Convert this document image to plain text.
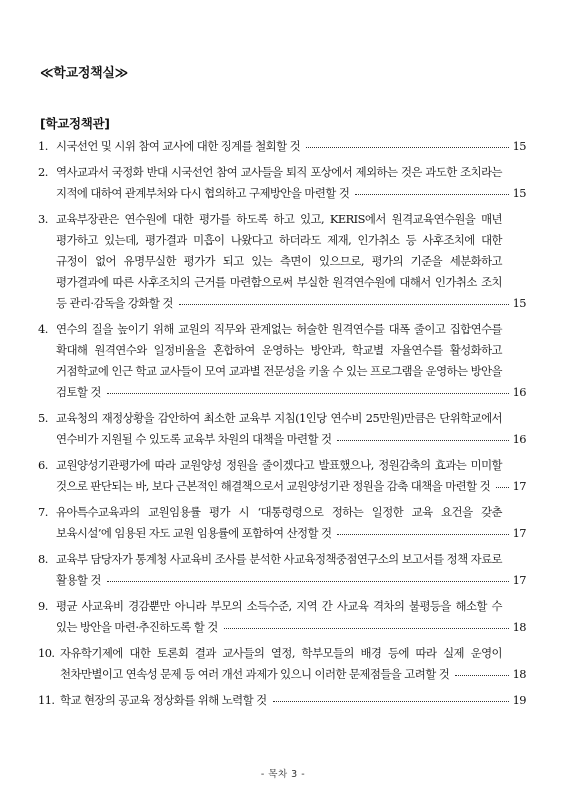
≪학교정책실≫
[학교정책관]
1. 시국선언 및 시위 참여 교사에 대한 징계를 철회할 것	15
2. 역사교과서 국정화 반대 시국선언 참여 교사들을 퇴직 포상에서 제외하는 것은 과도한 조치라는 지적에 대하여 관계부처와 다시 협의하고 구제방안을 마련할 것	15
3. 교육부장관은 연수원에 대한 평가를 하도록 하고 있고, KERIS에서 원격교육연수원을 매년 평가하고 있는데, 평가결과 미흡이 나왔다고 하더라도 제재, 인가취소 등 사후조치에 대한 규정이 없어 유명무실한 평가가 되고 있는 측면이 있으므로, 평가의 기준을 세분화하고 평가결과에 따른 사후조치의 근거를 마련함으로써 부실한 원격연수원에 대해서 인가취소 조치 등 관리·감독을 강화할 것	15
4. 연수의 질을 높이기 위해 교원의 직무와 관계없는 허술한 원격연수를 대폭 줄이고 집합연수를 확대해 원격연수와 일정비율을 혼합하여 운영하는 방안과, 학교별 자율연수를 활성화하고 거점학교에 인근 학교 교사들이 모여 교과별 전문성을 키울 수 있는 프로그램을 운영하는 방안을 검토할 것	16
5. 교육청의 재정상황을 감안하여 최소한 교육부 지침(1인당 연수비 25만원)만큼은 단위학교에서 연수비가 지원될 수 있도록 교육부 차원의 대책을 마련할 것	16
6. 교원양성기관평가에 따라 교원양성 정원을 줄이겠다고 발표했으나, 정원감축의 효과는 미미할 것으로 판단되는 바, 보다 근본적인 해결책으로서 교원양성기관 정원을 감축 대책을 마련할 것 17
7. 유아특수교육과의 교원임용률 평가 시 ‘대통령령으로 정하는 일정한 교육 요건을 갖춘 보육시설’에 임용된 자도 교원 임용률에 포함하여 산정할 것	17
8. 교육부 담당자가 통계청 사교육비 조사를 분석한 사교육정책중점연구소의 보고서를 정책 자료로 활용할 것	17
9. 평균 사교육비 경감뿐만 아니라 부모의 소득수준, 지역 간 사교육 격차의 불평등을 해소할 수 있는 방안을 마련·추진하도록 할 것	18
10. 자유학기제에 대한 토론회 결과 교사들의 열정, 학부모들의 배경 등에 따라 실제 운영이 천차만별이고 연속성 문제 등 여러 개선 과제가 있으니 이러한 문제점들을 고려할 것	18
11. 학교 현장의 공교육 정상화를 위해 노력할 것	19
- 목차 3 -
